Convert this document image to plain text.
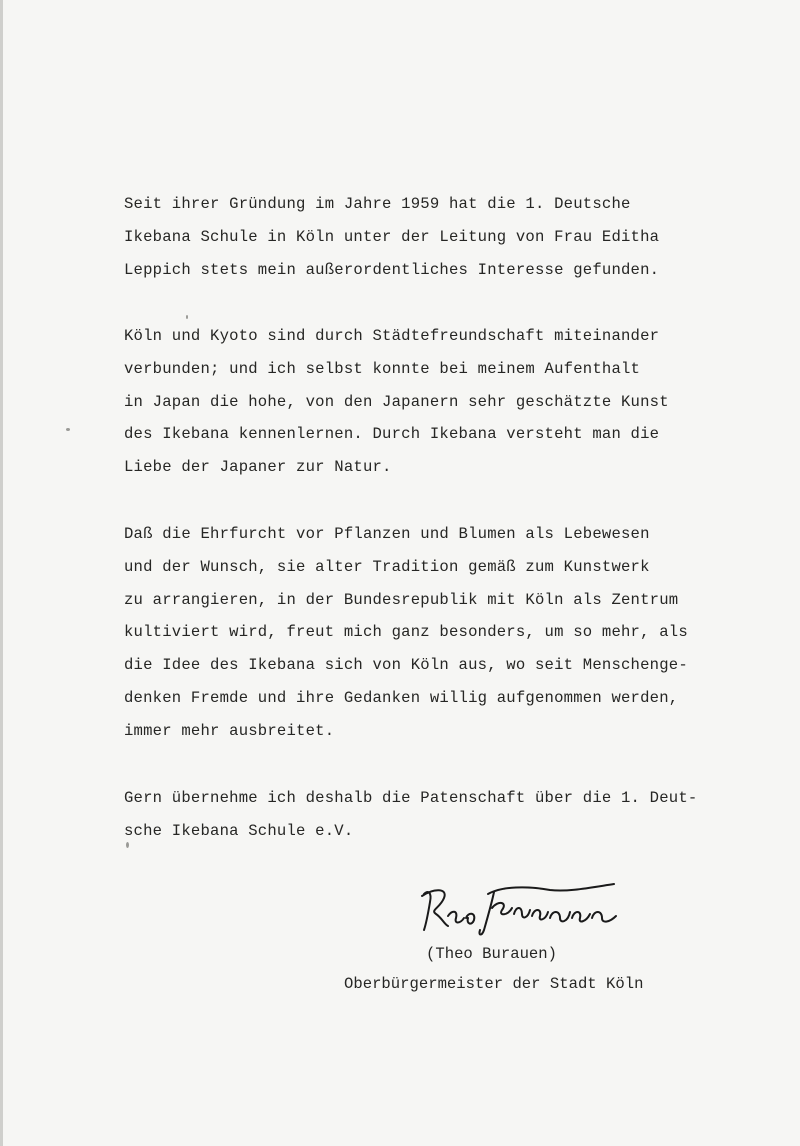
Seit ihrer Gründung im Jahre 1959 hat die 1. Deutsche
Ikebana Schule in Köln unter der Leitung von Frau Editha
Leppich stets mein außerordentliches Interesse gefunden.

Köln und Kyoto sind durch Städtefreundschaft miteinander
verbunden; und ich selbst konnte bei meinem Aufenthalt
in Japan die hohe, von den Japanern sehr geschätzte Kunst
des Ikebana kennenlernen. Durch Ikebana versteht man die
Liebe der Japaner zur Natur.

Daß die Ehrfurcht vor Pflanzen und Blumen als Lebewesen
und der Wunsch, sie alter Tradition gemäß zum Kunstwerk
zu arrangieren, in der Bundesrepublik mit Köln als Zentrum
kultiviert wird, freut mich ganz besonders, um so mehr, als
die Idee des Ikebana sich von Köln aus, wo seit Menschenge-
denken Fremde und ihre Gedanken willig aufgenommen werden,
immer mehr ausbreitet.

Gern übernehme ich deshalb die Patenschaft über die 1. Deut-
sche Ikebana Schule e.V.

(Theo Burauen)
Oberbürgermeister der Stadt Köln
